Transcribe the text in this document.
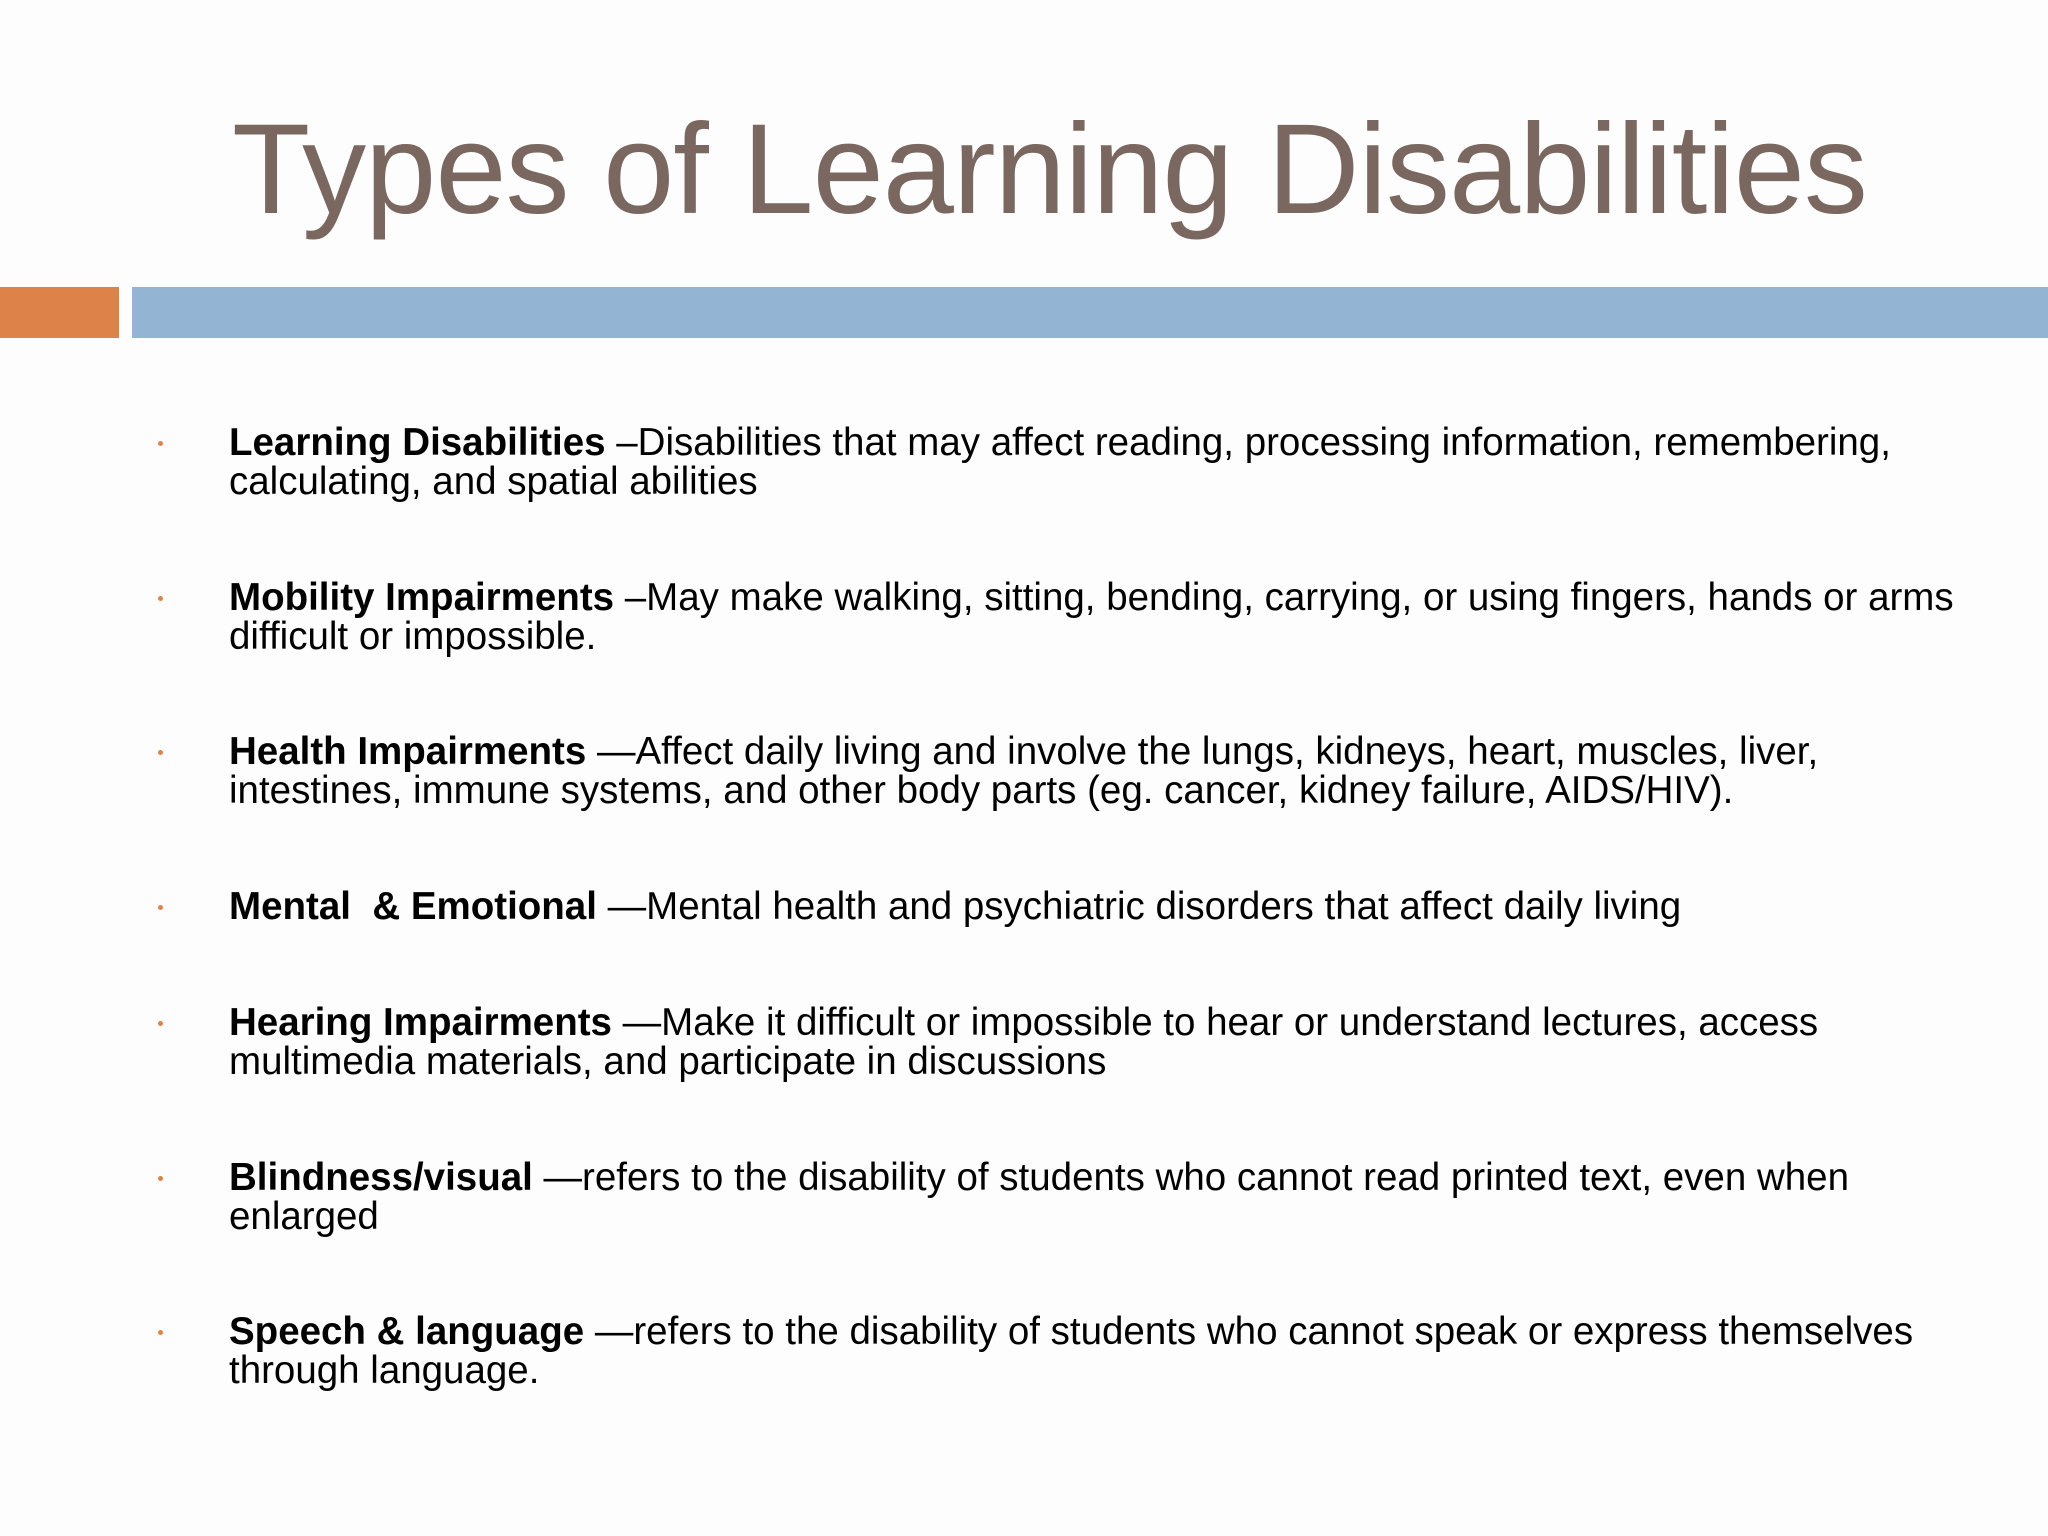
Types of Learning Disabilities
Learning Disabilities –Disabilities that may affect reading, processing information, remembering, calculating, and spatial abilities
Mobility Impairments –May make walking, sitting, bending, carrying, or using fingers, hands or arms difficult or impossible.
Health Impairments —Affect daily living and involve the lungs, kidneys, heart, muscles, liver, intestines, immune systems, and other body parts (eg. cancer, kidney failure, AIDS/HIV).
Mental  & Emotional —Mental health and psychiatric disorders that affect daily living
Hearing Impairments —Make it difficult or impossible to hear or understand lectures, access multimedia materials, and participate in discussions
Blindness/visual —refers to the disability of students who cannot read printed text, even when enlarged
Speech & language —refers to the disability of students who cannot speak or express themselves through language.
